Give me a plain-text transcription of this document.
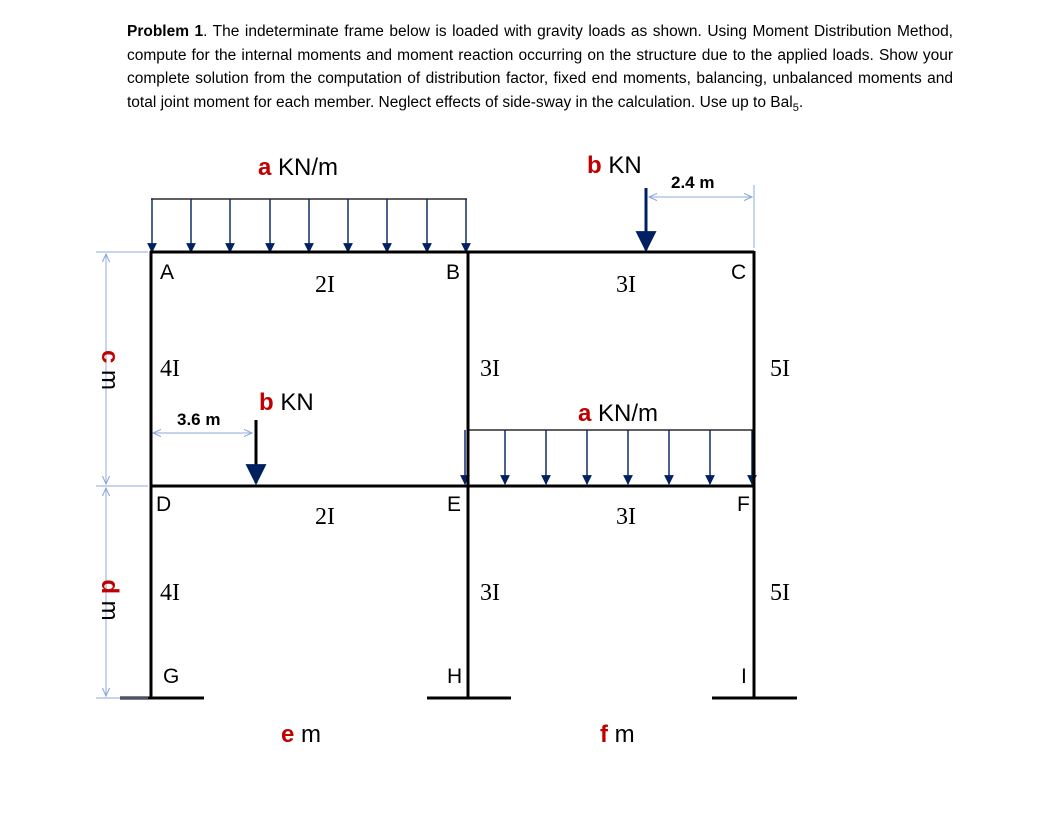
Problem 1. The indeterminate frame below is loaded with gravity loads as shown. Using Moment Distribution Method, compute for the internal moments and moment reaction occurring on the structure due to the applied loads. Show your complete solution from the computation of distribution factor, fixed end moments, balancing, unbalanced moments and total joint moment for each member. Neglect effects of side-sway in the calculation. Use up to Bal$_5$.
a KN/m	b KN
2.4 m
a KN/m
b KN
3.6 m
A	B	C
D	E	F
G	H	I
2I	3I
2I	3I
4I	3I	5I
4I	3I	5I
c m
d m
e m	f m
